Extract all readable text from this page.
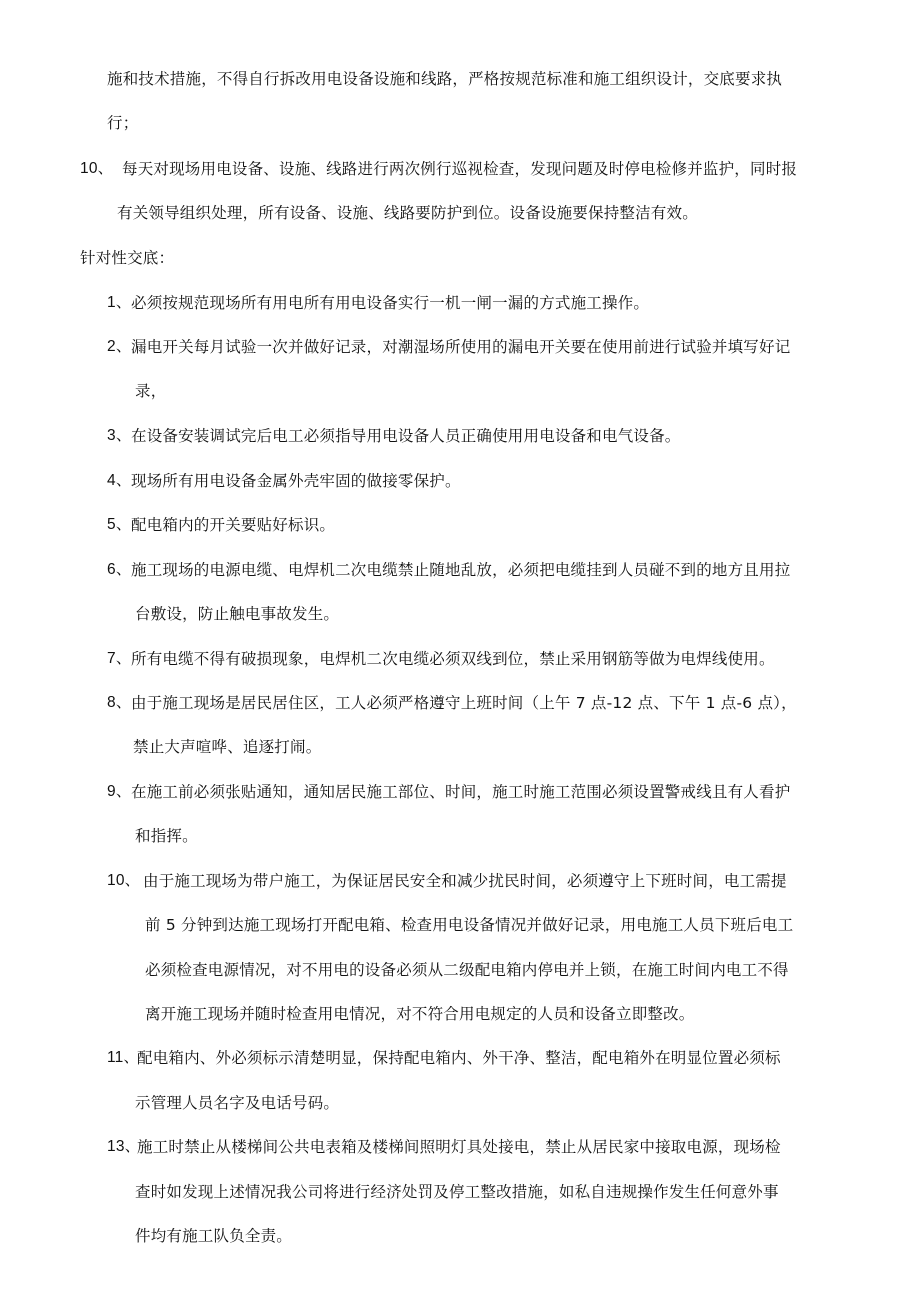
施和技术措施，不得自行拆改用电设备设施和线路，严格按规范标准和施工组织设计，交底要求执
行；
10、 每天对现场用电设备、设施、线路进行两次例行巡视检查，发现问题及时停电检修并监护，同时报
有关领导组织处理，所有设备、设施、线路要防护到位。设备设施要保持整洁有效。
针对性交底：
1、 必须按规范现场所有用电所有用电设备实行一机一闸一漏的方式施工操作。
2、 漏电开关每月试验一次并做好记录，对潮湿场所使用的漏电开关要在使用前进行试验并填写好记
录，
3、 在设备安装调试完后电工必须指导用电设备人员正确使用用电设备和电气设备。
4、 现场所有用电设备金属外壳牢固的做接零保护。
5、 配电箱内的开关要贴好标识。
6、 施工现场的电源电缆、电焊机二次电缆禁止随地乱放，必须把电缆挂到人员碰不到的地方且用拉
台敷设，防止触电事故发生。
7、 所有电缆不得有破损现象，电焊机二次电缆必须双线到位，禁止采用钢筋等做为电焊线使用。
8、 由于施工现场是居民居住区，工人必须严格遵守上班时间（上午 7 点-12 点、下午 1 点-6 点），
禁止大声喧哗、追逐打闹。
9、 在施工前必须张贴通知，通知居民施工部位、时间，施工时施工范围必须设置警戒线且有人看护
和指挥。
10、 由于施工现场为带户施工，为保证居民安全和减少扰民时间，必须遵守上下班时间，电工需提
前 5 分钟到达施工现场打开配电箱、检查用电设备情况并做好记录，用电施工人员下班后电工
必须检查电源情况，对不用电的设备必须从二级配电箱内停电并上锁，在施工时间内电工不得
离开施工现场并随时检查用电情况，对不符合用电规定的人员和设备立即整改。
11、
配电箱内、外必须标示清楚明显，保持配电箱内、外干净、整洁，配电箱外在明显位置必须标
示管理人员名字及电话号码。
13、
施工时禁止从楼梯间公共电表箱及楼梯间照明灯具处接电，禁止从居民家中接取电源，现场检
查时如发现上述情况我公司将进行经济处罚及停工整改措施，如私自违规操作发生任何意外事
件均有施工队负全责。
